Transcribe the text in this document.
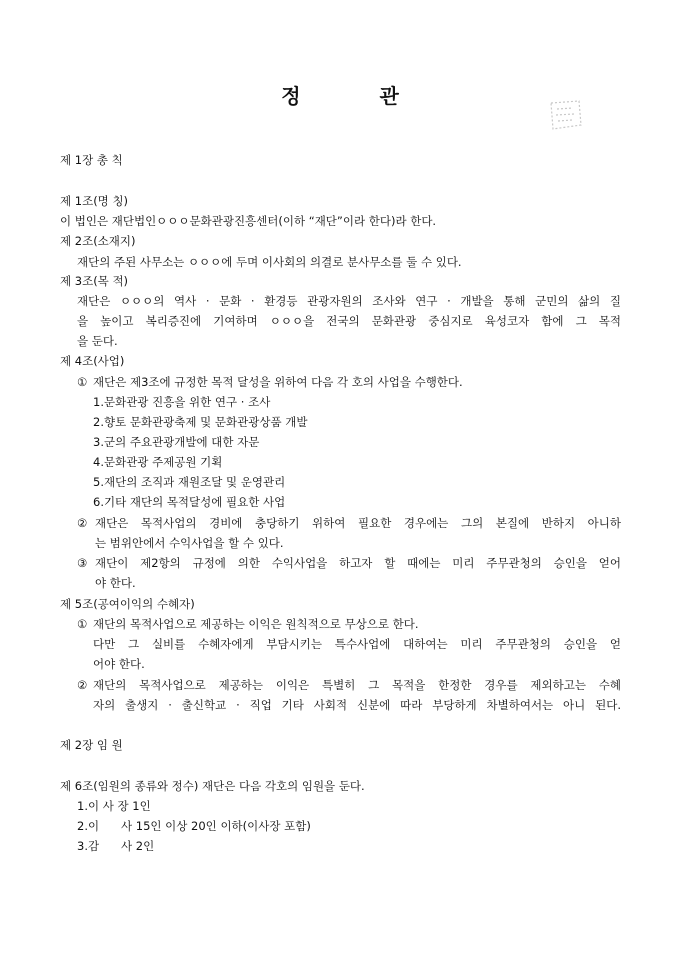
정 관
제 1장 총 칙
제 1조(명 칭)
이 법인은 재단법인ㅇㅇㅇ문화관광진흥센터(이하 “재단”이라 한다)라 한다.
제 2조(소재지)
재단의 주된 사무소는 ㅇㅇㅇ에 두며 이사회의 의결로 분사무소를 둘 수 있다.
제 3조(목 적)
재단은 ㅇㅇㅇ의 역사 · 문화 · 환경등 관광자원의 조사와 연구 · 개발을 통해 군민의 삶의 질
을 높이고 복리증진에 기여하며 ㅇㅇㅇ을 전국의 문화관광 중심지로 육성코자 함에 그 목적
을 둔다.
제 4조(사업)
① 재단은 제3조에 규정한 목적 달성을 위하여 다음 각 호의 사업을 수행한다.
1.문화관광 진흥을 위한 연구 · 조사
2.향토 문화관광축제 및 문화관광상품 개발
3.군의 주요관광개발에 대한 자문
4.문화관광 주제공원 기획
5.재단의 조직과 재원조달 및 운영관리
6.기타 재단의 목적달성에 필요한 사업
② 재단은 목적사업의 경비에 충당하기 위하여 필요한 경우에는 그의 본질에 반하지 아니하
는 범위안에서 수익사업을 할 수 있다.
③ 재단이 제2항의 규정에 의한 수익사업을 하고자 할 때에는 미리 주무관청의 승인을 얻어
야 한다.
제 5조(공여이익의 수혜자)
① 재단의 목적사업으로 제공하는 이익은 원칙적으로 무상으로 한다.
다만 그 실비를 수혜자에게 부담시키는 특수사업에 대하여는 미리 주무관청의 승인을 얻
어야 한다.
② 재단의 목적사업으로 제공하는 이익은 특별히 그 목적을 한정한 경우를 제외하고는 수혜
자의 출생지 · 출신학교 · 직업 기타 사회적 신분에 따라 부당하게 차별하여서는 아니 된다.
제 2장 임 원
제 6조(임원의 종류와 정수) 재단은 다음 각호의 임원을 둔다.
1.이 사 장 1인
2.이      사 15인 이상 20인 이하(이사장 포함)
3.감      사 2인
